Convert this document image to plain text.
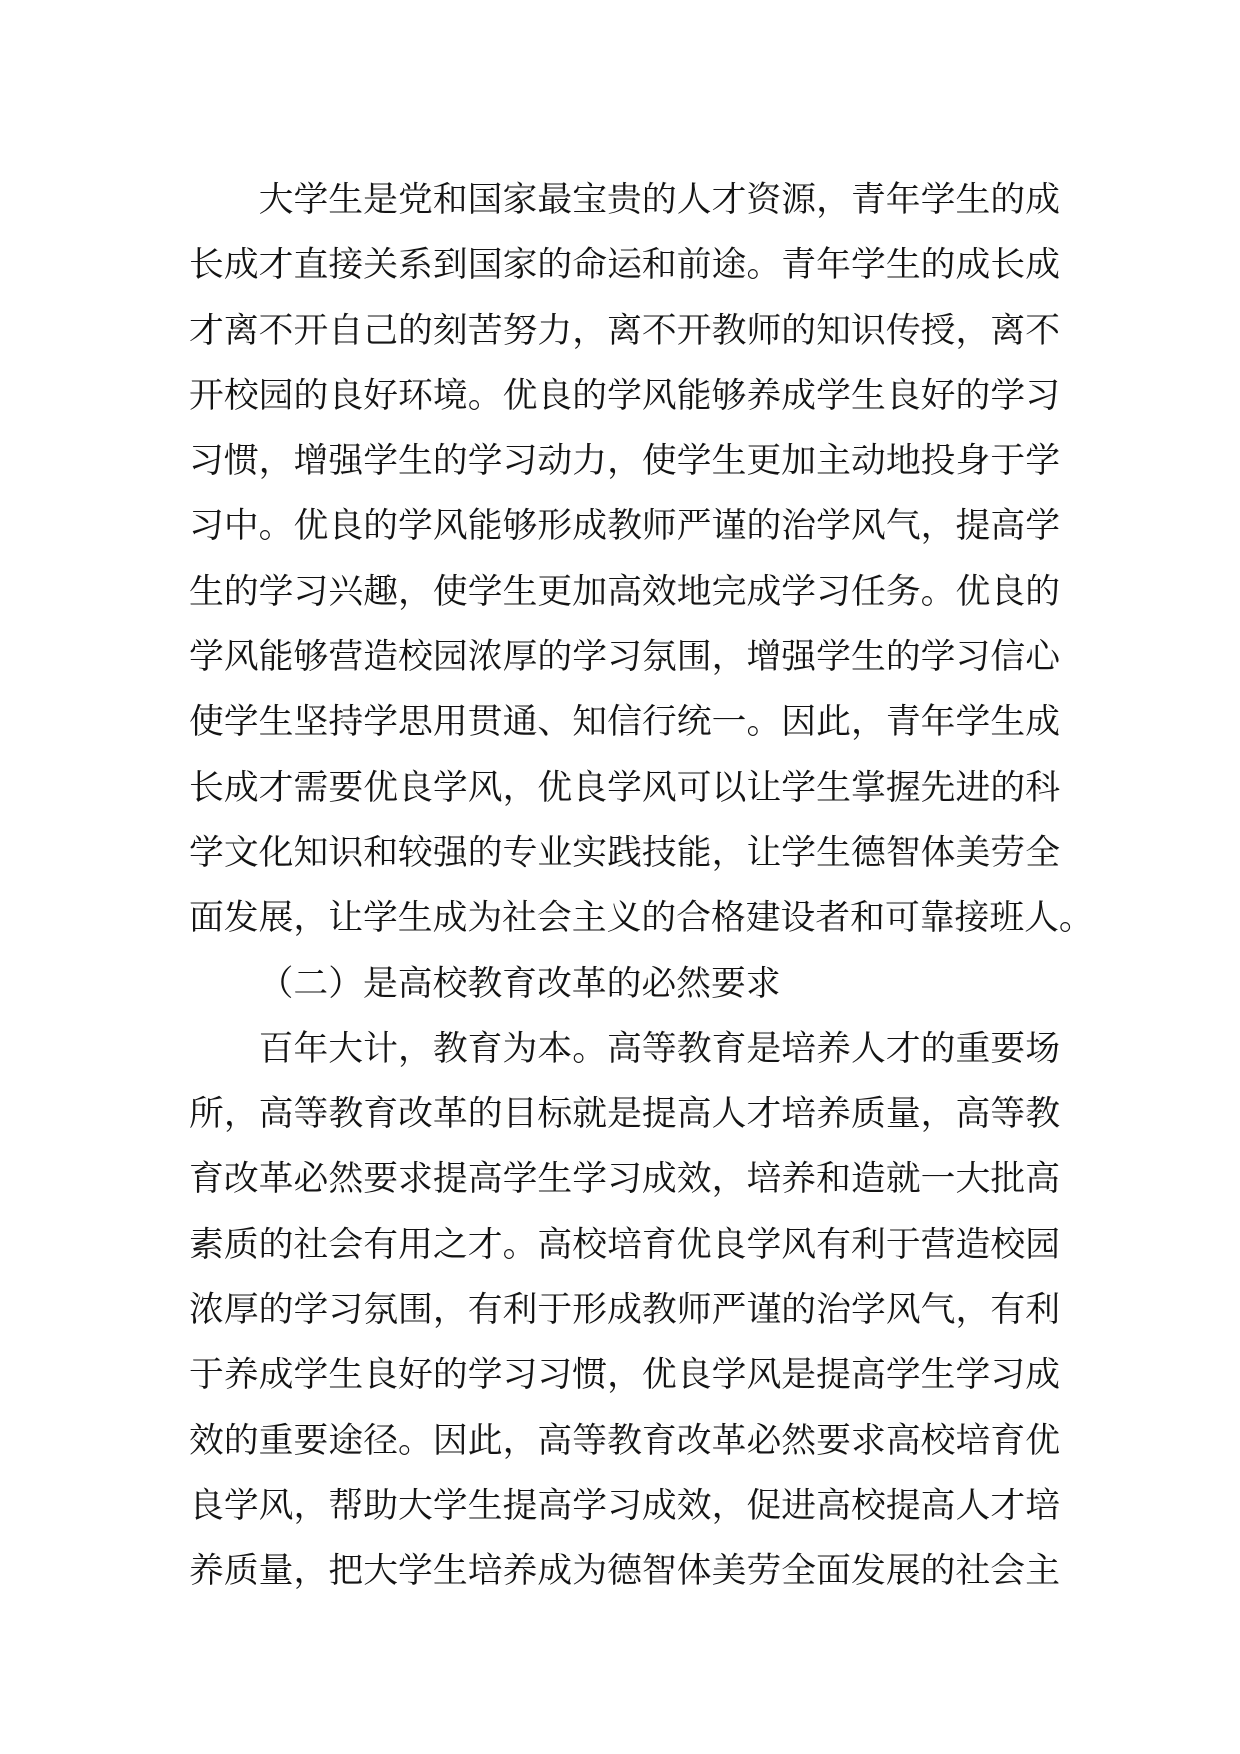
大学生是党和国家最宝贵的人才资源，青年学生的成
长成才直接关系到国家的命运和前途。青年学生的成长成
才离不开自己的刻苦努力，离不开教师的知识传授，离不
开校园的良好环境。优良的学风能够养成学生良好的学习
习惯，增强学生的学习动力，使学生更加主动地投身于学
习中。优良的学风能够形成教师严谨的治学风气，提高学
生的学习兴趣，使学生更加高效地完成学习任务。优良的
学风能够营造校园浓厚的学习氛围，增强学生的学习信心
使学生坚持学思用贯通、知信行统一。因此，青年学生成
长成才需要优良学风，优良学风可以让学生掌握先进的科
学文化知识和较强的专业实践技能，让学生德智体美劳全
面发展，让学生成为社会主义的合格建设者和可靠接班人。
（二）是高校教育改革的必然要求
百年大计，教育为本。高等教育是培养人才的重要场
所，高等教育改革的目标就是提高人才培养质量，高等教
育改革必然要求提高学生学习成效，培养和造就一大批高
素质的社会有用之才。高校培育优良学风有利于营造校园
浓厚的学习氛围，有利于形成教师严谨的治学风气，有利
于养成学生良好的学习习惯，优良学风是提高学生学习成
效的重要途径。因此，高等教育改革必然要求高校培育优
良学风，帮助大学生提高学习成效，促进高校提高人才培
养质量，把大学生培养成为德智体美劳全面发展的社会主
